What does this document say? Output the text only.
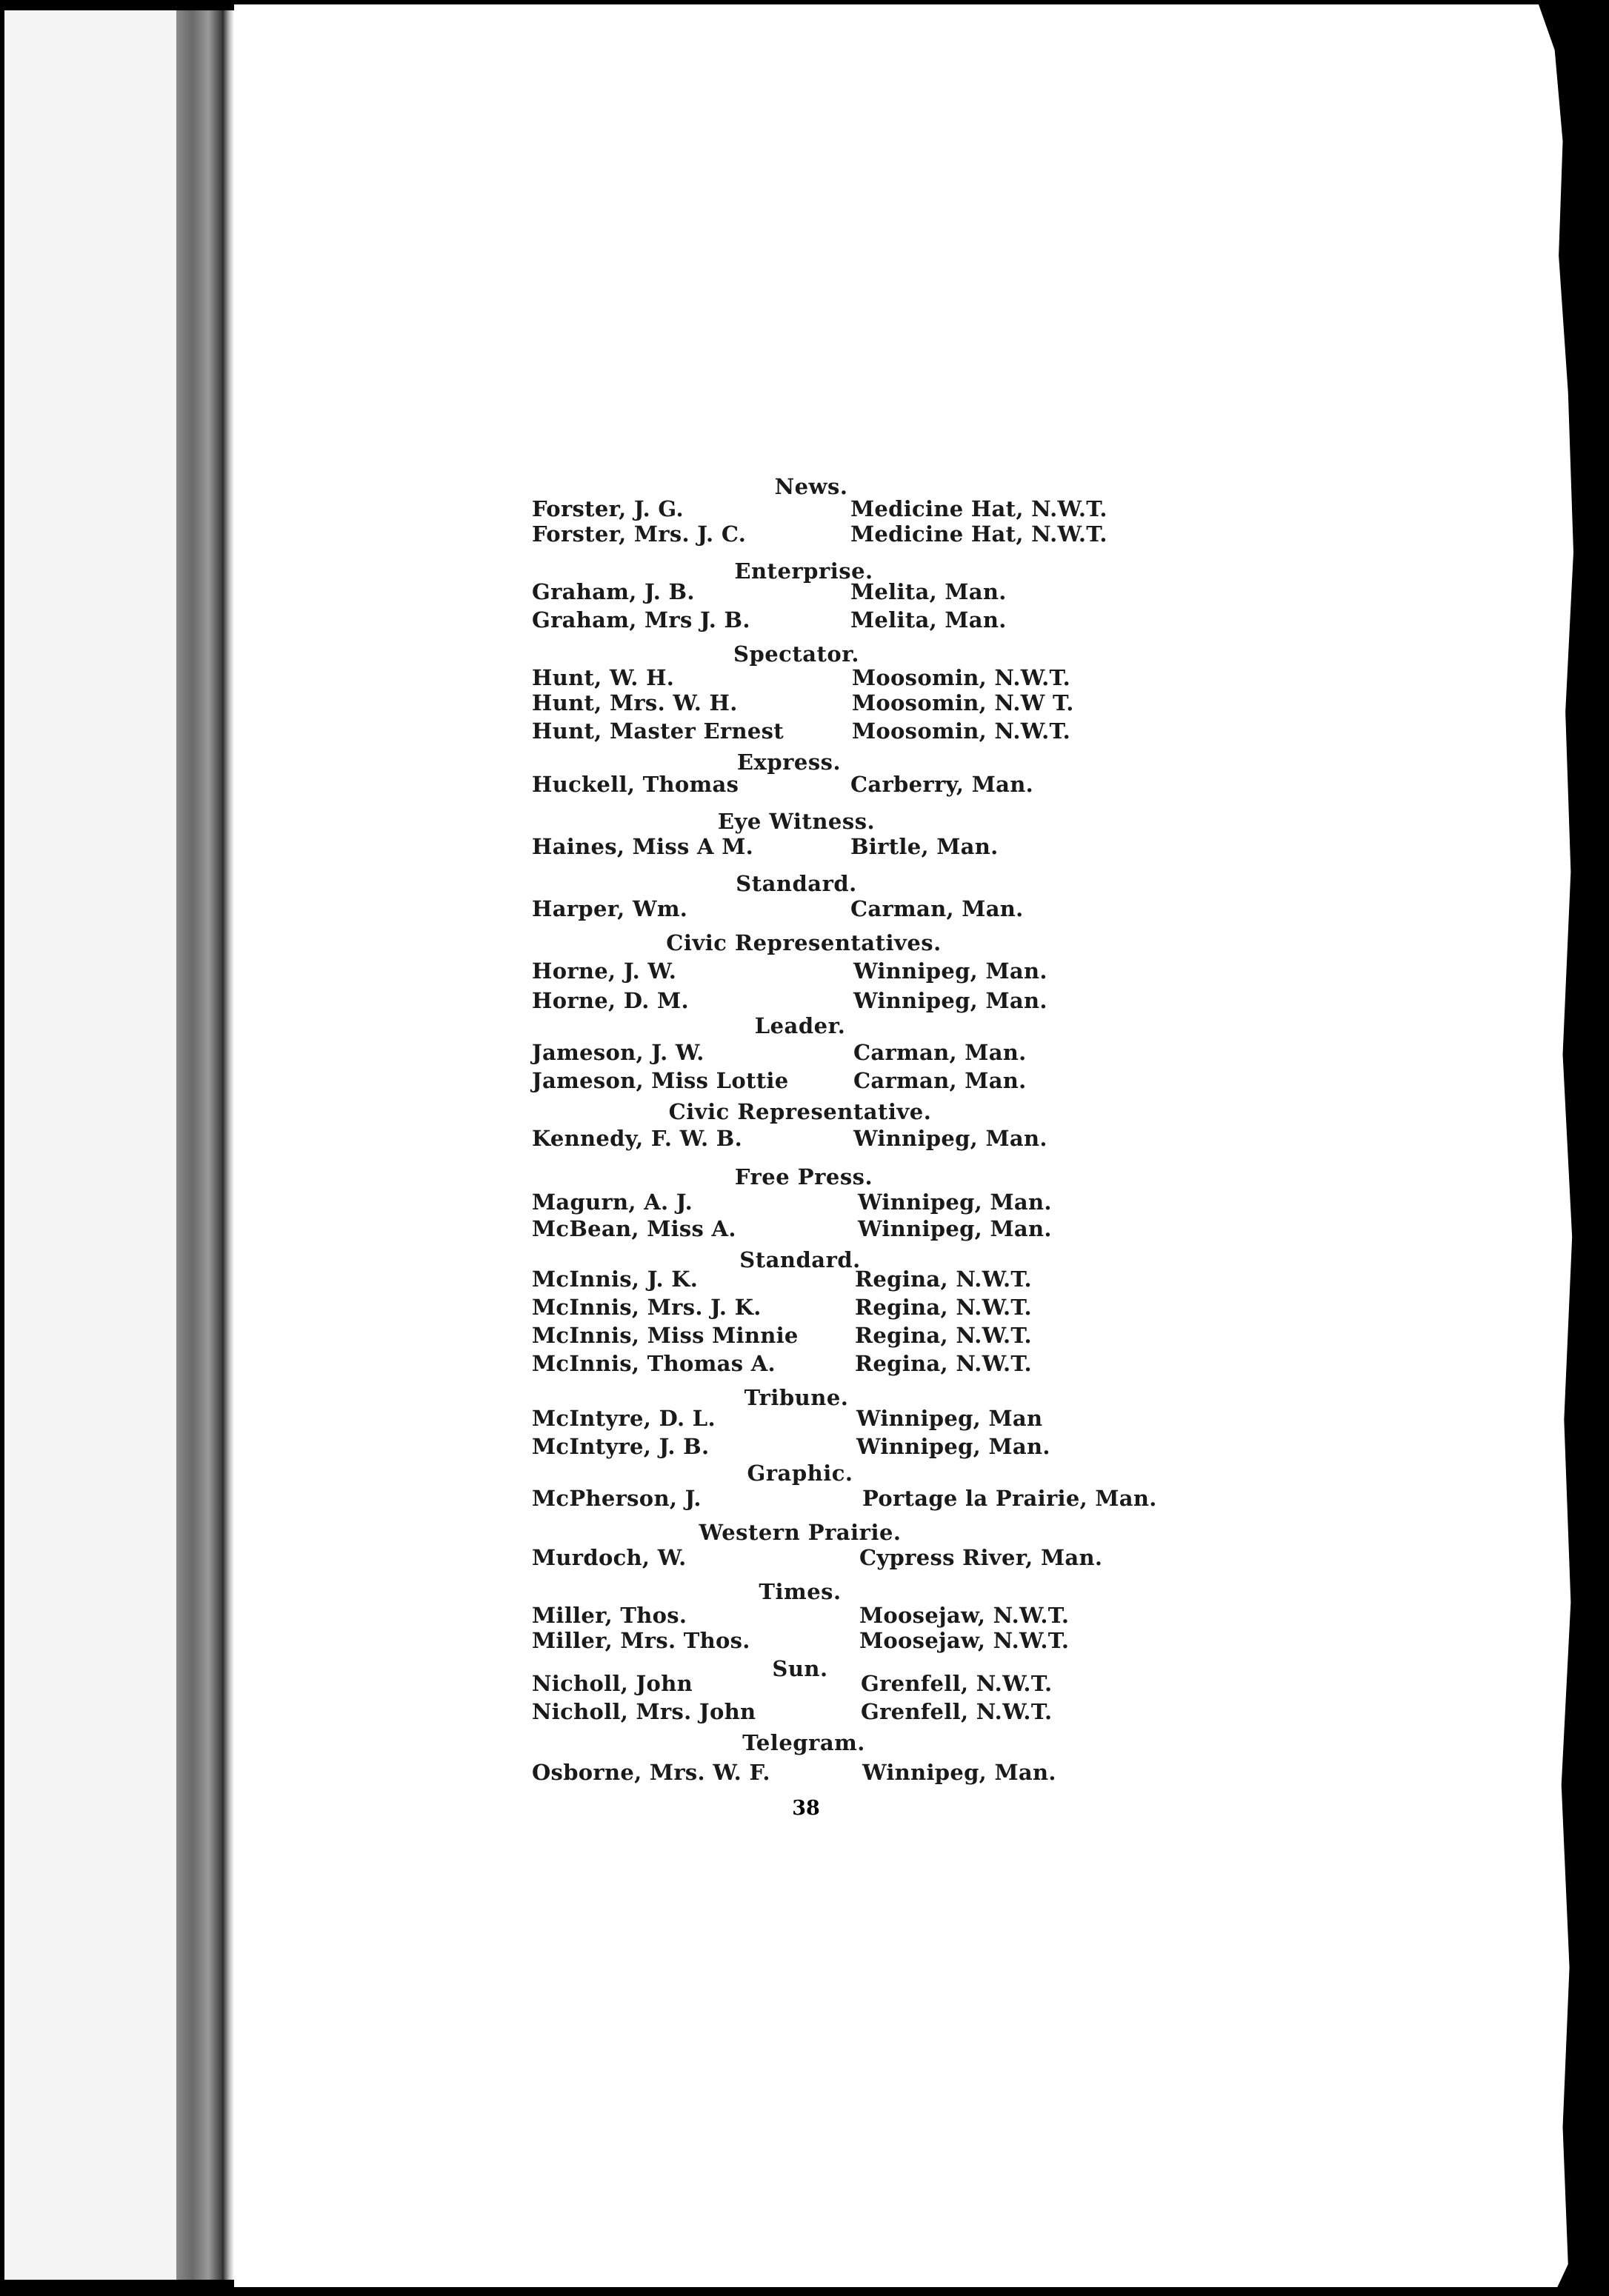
News.
Forster, J. G.	Medicine Hat, N.W.T.
Forster, Mrs. J. C.	Medicine Hat, N.W.T.
Enterprise.
Graham, J. B.	Melita, Man.
Graham, Mrs J. B.	Melita, Man.
Spectator.
Hunt, W. H.	Moosomin, N.W.T.
Hunt, Mrs. W. H.	Moosomin, N.W T.
Hunt, Master Ernest	Moosomin, N.W.T.
Express.
Huckell, Thomas	Carberry, Man.
Eye Witness.
Haines, Miss A M.	Birtle, Man.
Standard.
Harper, Wm.	Carman, Man.
Civic Representatives.
Horne, J. W.	Winnipeg, Man.
Horne, D. M.	Winnipeg, Man.
Leader.
Jameson, J. W.	Carman, Man.
Jameson, Miss Lottie	Carman, Man.
Civic Representative.
Kennedy, F. W. B.	Winnipeg, Man.
Free Press.
Magurn, A. J.	Winnipeg, Man.
McBean, Miss A.	Winnipeg, Man.
Standard.
McInnis, J. K.	Regina, N.W.T.
McInnis, Mrs. J. K.	Regina, N.W.T.
McInnis, Miss Minnie	Regina, N.W.T.
McInnis, Thomas A.	Regina, N.W.T.
Tribune.
McIntyre, D. L.	Winnipeg, Man
McIntyre, J. B.	Winnipeg, Man.
Graphic.
McPherson, J.	Portage la Prairie, Man.
Western Prairie.
Murdoch, W.	Cypress River, Man.
Times.
Miller, Thos.	Moosejaw, N.W.T.
Miller, Mrs. Thos.	Moosejaw, N.W.T.
Sun.
Nicholl, John	Grenfell, N.W.T.
Nicholl, Mrs. John	Grenfell, N.W.T.
Telegram.
Osborne, Mrs. W. F.	Winnipeg, Man.
38
